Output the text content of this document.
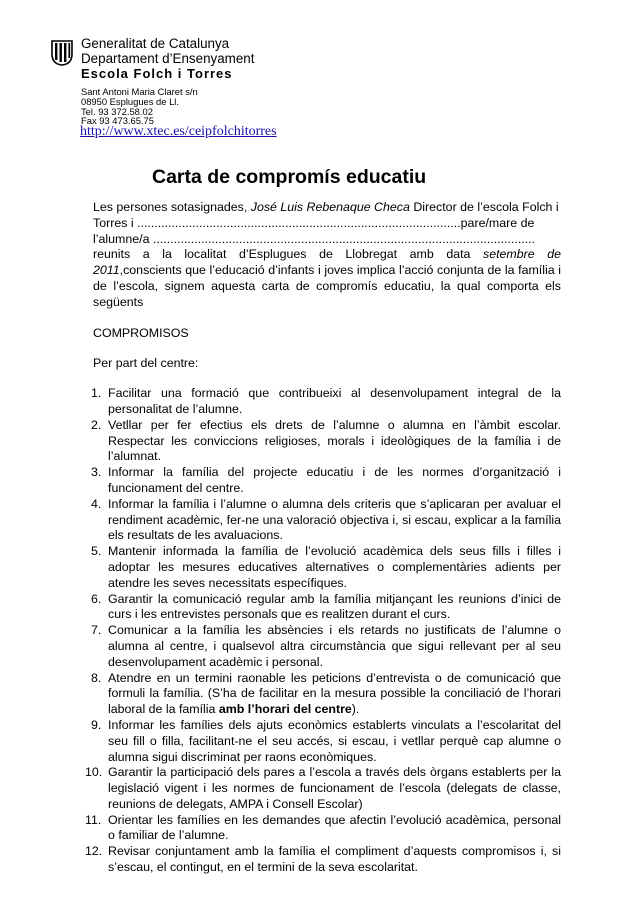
Generalitat de Catalunya
Departament d’Ensenyament
Escola Folch i Torres
Sant Antoni Maria Claret s/n
08950 Esplugues de Ll.
Tel. 93 372.58.02
Fax 93 473.65.75
http://www.xtec.es/ceipfolchitorres
Carta de compromís educatiu

Les persones sotasignades, José Luis Rebenaque Checa Director de l’escola Folch i

Torres i ..............................................................................................pare/mare de

l’alumne/a ...............................................................................................................

reunits a la localitat d’Esplugues de Llobregat amb data setembre de 2011,conscients que l’educació d’infants i joves implica l’acció conjunta de la família i de l’escola, signem aquesta carta de compromís educatiu, la qual comporta els següents

COMPROMISOS
Per part del centre:
1. Facilitar una formació que contribueixi al desenvolupament integral de la personalitat de l’alumne.
2. Vetllar per fer efectius els drets de l’alumne o alumna en l’àmbit escolar. Respectar les conviccions religioses, morals i ideològiques de la família i de l’alumnat.
3. Informar la família del projecte educatiu i de les normes d’organització i funcionament del centre.
4. Informar la família i l’alumne o alumna dels criteris que s’aplicaran per avaluar el rendiment acadèmic, fer-ne una valoració objectiva i, si escau, explicar a la família els resultats de les avaluacions.
5. Mantenir informada la família de l’evolució acadèmica dels seus fills i filles i adoptar les mesures educatives alternatives o complementàries adients per atendre les seves necessitats específiques.
6. Garantir la comunicació regular amb la família mitjançant les reunions d’inici de curs i les entrevistes personals que es realitzen durant el curs.
7. Comunicar a la família les absències i els retards no justificats de l’alumne o alumna al centre, i qualsevol altra circumstància que sigui rellevant per al seu desenvolupament acadèmic i personal.
8. Atendre en un termini raonable les peticions d’entrevista o de comunicació que formuli la família. (S’ha de facilitar en la mesura possible la conciliació de l’horari laboral de la família amb l’horari del centre).
9. Informar les famílies dels ajuts econòmics establerts vinculats a l’escolaritat del seu fill o filla, facilitant-ne el seu accés, si escau, i vetllar perquè cap alumne o alumna sigui discriminat per raons econòmiques.
10. Garantir la participació dels pares a l’escola a través dels òrgans establerts per la legislació vigent i les normes de funcionament de l’escola (delegats de classe, reunions de delegats, AMPA i Consell Escolar)
11. Orientar les famílies en les demandes que afectin l’evolució acadèmica, personal o familiar de l’alumne.
12. Revisar conjuntament amb la família el compliment d’aquests compromisos i, si s’escau, el contingut, en el termini de la seva escolaritat.
